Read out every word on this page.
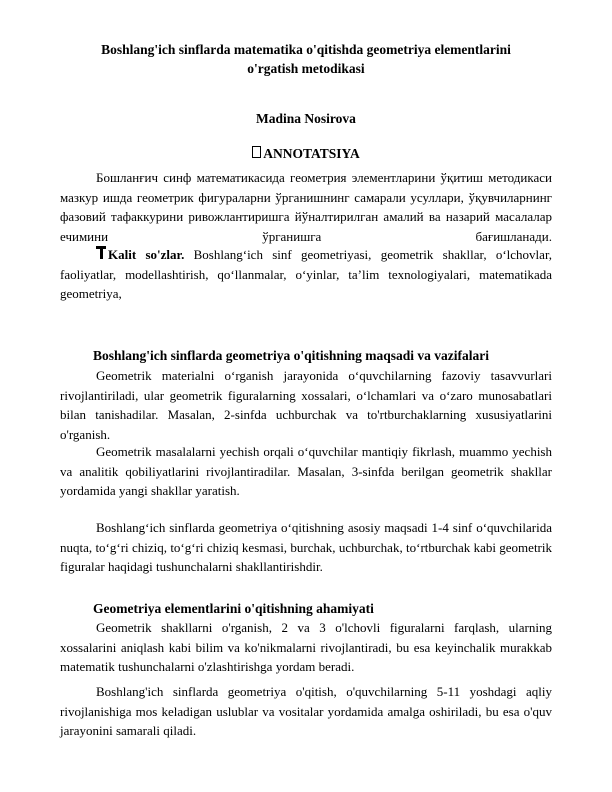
Boshlang'ich sinflarda matematika o'qitishda geometriya elementlarini
o'rgatish metodikasi
Madina Nosirova
ANNOTATSIYA
Бошланғич синф математикасида геометрия элементларини ўқитиш методикаси мазкур ишда геометрик фигураларни ўрганишнинг самарали усуллари, ўқувчиларнинг фазовий тафаккурини ривожлантиришга йўналтирилган амалий ва назарий масалалар ечимини ўрганишга бағишланади.
Kalit so'zlar. Boshlang‘ich sinf geometriyasi, geometrik shakllar, o‘lchovlar, faoliyatlar, modellashtirish, qo‘llanmalar, o‘yinlar, ta’lim texnologiyalari, matematikada geometriya,
Boshlang'ich sinflarda geometriya o'qitishning maqsadi va vazifalari
Geometrik materialni o‘rganish jarayonida o‘quvchilarning fazoviy tasavvurlari rivojlantiriladi, ular geometrik figuralarning xossalari, o‘lchamlari va o‘zaro munosabatlari bilan tanishadilar. Masalan, 2-sinfda uchburchak va to'rtburchaklarning xususiyatlarini o'rganish.
Geometrik masalalarni yechish orqali o‘quvchilar mantiqiy fikrlash, muammo yechish va analitik qobiliyatlarini rivojlantiradilar. Masalan, 3-sinfda berilgan geometrik shakllar yordamida yangi shakllar yaratish.
Boshlang‘ich sinflarda geometriya o‘qitishning asosiy maqsadi 1-4 sinf o‘quvchilarida nuqta, to‘g‘ri chiziq, to‘g‘ri chiziq kesmasi, burchak, uchburchak, to‘rtburchak kabi geometrik figuralar haqidagi tushunchalarni shakllantirishdir.
Geometriya elementlarini o'qitishning ahamiyati
Geometrik shakllarni o'rganish, 2 va 3 o'lchovli figuralarni farqlash, ularning xossalarini aniqlash kabi bilim va ko'nikmalarni rivojlantiradi, bu esa keyinchalik murakkab matematik tushunchalarni o'zlashtirishga yordam beradi.
Boshlang'ich sinflarda geometriya o'qitish, o'quvchilarning 5-11 yoshdagi aqliy rivojlanishiga mos keladigan uslublar va vositalar yordamida amalga oshiriladi, bu esa o'quv jarayonini samarali qiladi.
